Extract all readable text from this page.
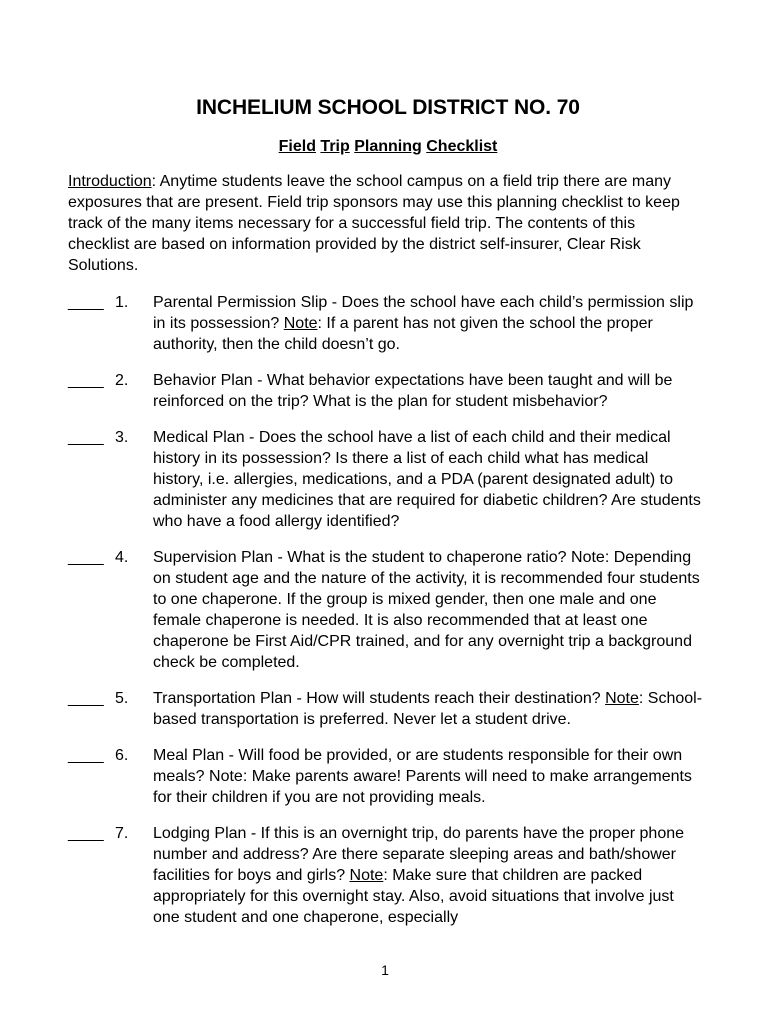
INCHELIUM SCHOOL DISTRICT NO. 70
Field Trip Planning Checklist

Introduction: Anytime students leave the school campus on a field trip there are many exposures that are present. Field trip sponsors may use this planning checklist to keep track of the many items necessary for a successful field trip. The contents of this checklist are based on information provided by the district self-insurer, Clear Risk Solutions.

____ 1. Parental Permission Slip - Does the school have each child’s permission slip in its possession? Note: If a parent has not given the school the proper authority, then the child doesn’t go.
____ 2. Behavior Plan - What behavior expectations have been taught and will be reinforced on the trip? What is the plan for student misbehavior?
____ 3. Medical Plan - Does the school have a list of each child and their medical history in its possession? Is there a list of each child what has medical history, i.e. allergies, medications, and a PDA (parent designated adult) to administer any medicines that are required for diabetic children? Are students who have a food allergy identified?
____ 4. Supervision Plan - What is the student to chaperone ratio? Note: Depending on student age and the nature of the activity, it is recommended four students to one chaperone. If the group is mixed gender, then one male and one female chaperone is needed. It is also recommended that at least one chaperone be First Aid/CPR trained, and for any overnight trip a background check be completed.
____ 5. Transportation Plan - How will students reach their destination? Note: School-based transportation is preferred. Never let a student drive.
____ 6. Meal Plan - Will food be provided, or are students responsible for their own meals? Note: Make parents aware! Parents will need to make arrangements for their children if you are not providing meals.
____ 7. Lodging Plan - If this is an overnight trip, do parents have the proper phone number and address? Are there separate sleeping areas and bath/shower facilities for boys and girls? Note: Make sure that children are packed appropriately for this overnight stay. Also, avoid situations that involve just one student and one chaperone, especially
1
